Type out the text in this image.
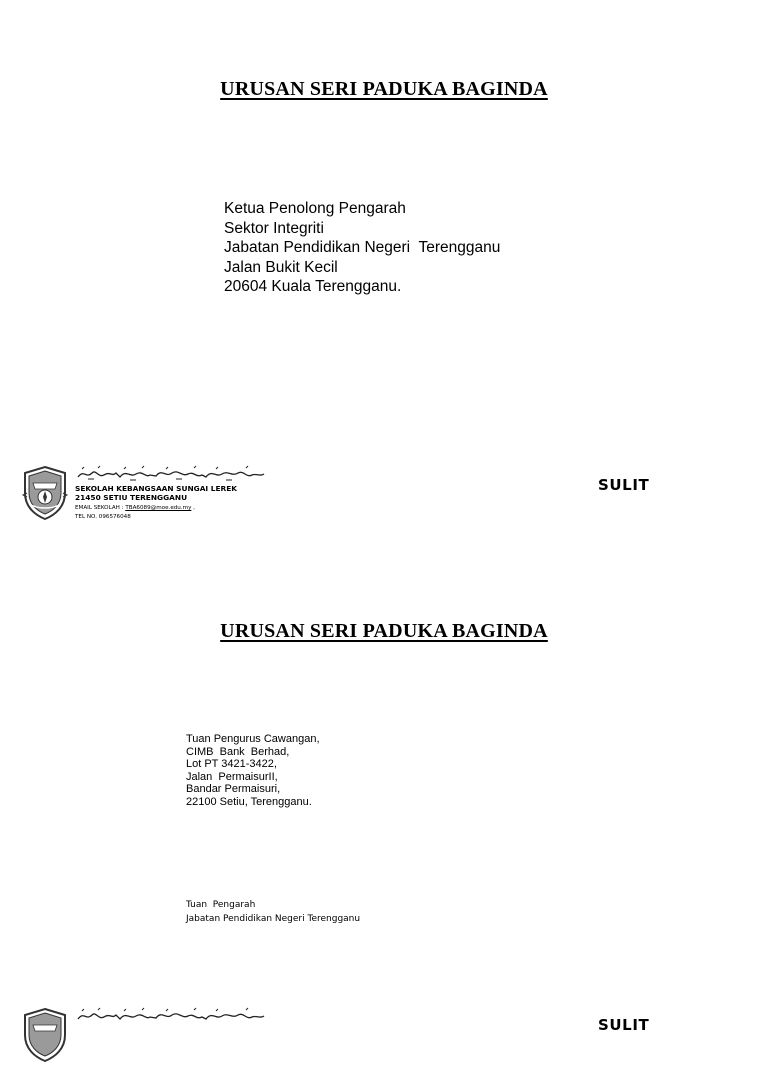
URUSAN SERI PADUKA BAGINDA
Ketua Penolong Pengarah
Sektor Integriti
Jabatan Pendidikan Negeri  Terengganu
Jalan Bukit Kecil
20604 Kuala Terengganu.
SEKOLAH KEBANGSAAN SUNGAI LEREK
21450 SETIU TERENGGANU
EMAIL SEKOLAH : TBA6089@moe.edu.my ,
TEL NO. 096576048
SULIT
URUSAN SERI PADUKA BAGINDA
Tuan Pengurus Cawangan,
CIMB  Bank  Berhad,
Lot PT 3421-3422,
Jalan  PermaisurII,
Bandar Permaisuri,
22100 Setiu, Terengganu.
Tuan  Pengarah
Jabatan Pendidikan Negeri Terengganu
SULIT
